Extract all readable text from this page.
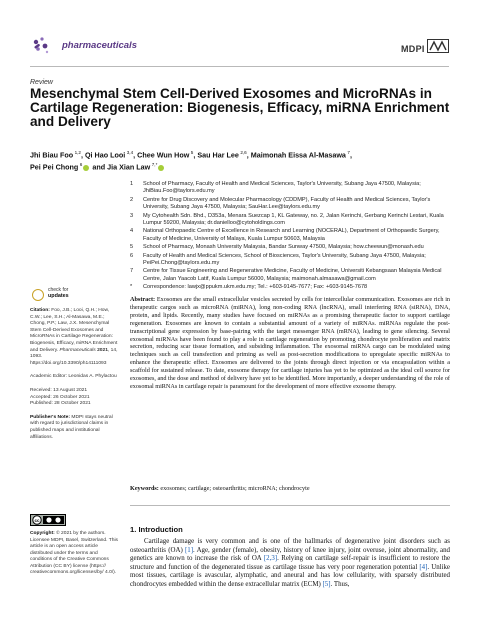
pharmaceuticals	MDPI
Review
Mesenchymal Stem Cell-Derived Exosomes and MicroRNAs in Cartilage Regeneration: Biogenesis, Efficacy, miRNA Enrichment and Delivery
Jhi Biau Foo $^{1,2}$, Qi Hao Looi $^{3,4}$, Chee Wun How $^5$, Sau Har Lee $^{2,6}$, Maimonah Eissa Al-Masawa $^7$,
Pei Pei Chong $^6$ and Jia Xian Law $^{7,*}$
1	School of Pharmacy, Faculty of Health and Medical Sciences, Taylor's University, Subang Jaya 47500, Malaysia; JhiBiau.Foo@taylors.edu.my
2	Centre for Drug Discovery and Molecular Pharmacology (CDDMP), Faculty of Health and Medical Sciences, Taylor's University, Subang Jaya 47500, Malaysia; SauHar.Lee@taylors.edu.my
3	My Cytohealth Sdn. Bhd., D353a, Menara Suezcap 1, KL Gateway, no. 2, Jalan Kerinchi, Gerbang Kerinchi Lestari, Kuala Lumpur 59200, Malaysia; dr.danielloo@cytoholdings.com
4	National Orthopaedic Centre of Excellence in Research and Learning (NOCERAL), Department of Orthopaedic Surgery, Faculty of Medicine, University of Malaya, Kuala Lumpur 50603, Malaysia
5	School of Pharmacy, Monash University Malaysia, Bandar Sunway 47500, Malaysia; how.cheewun@monash.edu
6	Faculty of Health and Medical Sciences, School of Biosciences, Taylor's University, Subang Jaya 47500, Malaysia; PeiPei.Chong@taylors.edu.my
7	Centre for Tissue Engineering and Regenerative Medicine, Faculty of Medicine, Universiti Kebangsaan Malaysia Medical Centre, Jalan Yaacob Latif, Kuala Lumpur 56000, Malaysia; maimonah.almasawa@gmail.com
*	Correspondence: lawjx@ppukm.ukm.edu.my; Tel.: +603-9145-7677; Fax: +603-9145-7678
check for
updates

Citation: Foo, J.B.; Looi, Q.H.; How, C.W.; Lee, S.H.; Al-Masawa, M.E.; Chong, P.P.; Law, J.X. Mesenchymal Stem Cell-Derived Exosomes and MicroRNAs in Cartilage Regeneration: Biogenesis, Efficacy, miRNA Enrichment and Delivery. Pharmaceuticals 2021, 14, 1093. https://doi.org/10.3390/ph14111093

Academic Editor: Leonidas A. Phylactou

Received: 13 August 2021
Accepted: 26 October 2021
Published: 28 October 2021

Publisher's Note: MDPI stays neutral with regard to jurisdictional claims in published maps and institutional affiliations.

cc
Copyright: © 2021 by the authors. Licensee MDPI, Basel, Switzerland. This article is an open access article distributed under the terms and conditions of the Creative Commons Attribution (CC BY) license (https:// creativecommons.org/licenses/by/ 4.0/).
Abstract: Exosomes are the small extracellular vesicles secreted by cells for intercellular communication. Exosomes are rich in therapeutic cargos such as microRNA (miRNA), long non-coding RNA (lncRNA), small interfering RNA (siRNA), DNA, protein, and lipids. Recently, many studies have focused on miRNAs as a promising therapeutic factor to support cartilage regeneration. Exosomes are known to contain a substantial amount of a variety of miRNAs. miRNAs regulate the post-transcriptional gene expression by base-pairing with the target messenger RNA (mRNA), leading to gene silencing. Several exosomal miRNAs have been found to play a role in cartilage regeneration by promoting chondrocyte proliferation and matrix secretion, reducing scar tissue formation, and subsiding inflammation. The exosomal miRNA cargo can be modulated using techniques such as cell transfection and priming as well as post-secretion modifications to upregulate specific miRNAs to enhance the therapeutic effect. Exosomes are delivered to the joints through direct injection or via encapsulation within a scaffold for sustained release. To date, exosome therapy for cartilage injuries has yet to be optimized as the ideal cell source for exosomes, and the dose and method of delivery have yet to be identified. More importantly, a deeper understanding of the role of exosomal miRNAs in cartilage repair is paramount for the development of more effective exosome therapy.
Keywords: exosomes; cartilage; osteoarthritis; microRNA; chondrocyte
1. Introduction
Cartilage damage is very common and is one of the hallmarks of degenerative joint disorders such as osteoarthritis (OA) [1]. Age, gender (female), obesity, history of knee injury, joint overuse, joint abnormality, and genetics are known to increase the risk of OA [2,3]. Relying on cartilage self-repair is insufficient to restore the structure and function of the degenerated tissue as cartilage tissue has very poor regeneration potential [4]. Unlike most tissues, cartilage is avascular, alymphatic, and aneural and has low cellularity, with sparsely distributed chondrocytes embedded within the dense extracellular matrix (ECM) [5]. Thus,
